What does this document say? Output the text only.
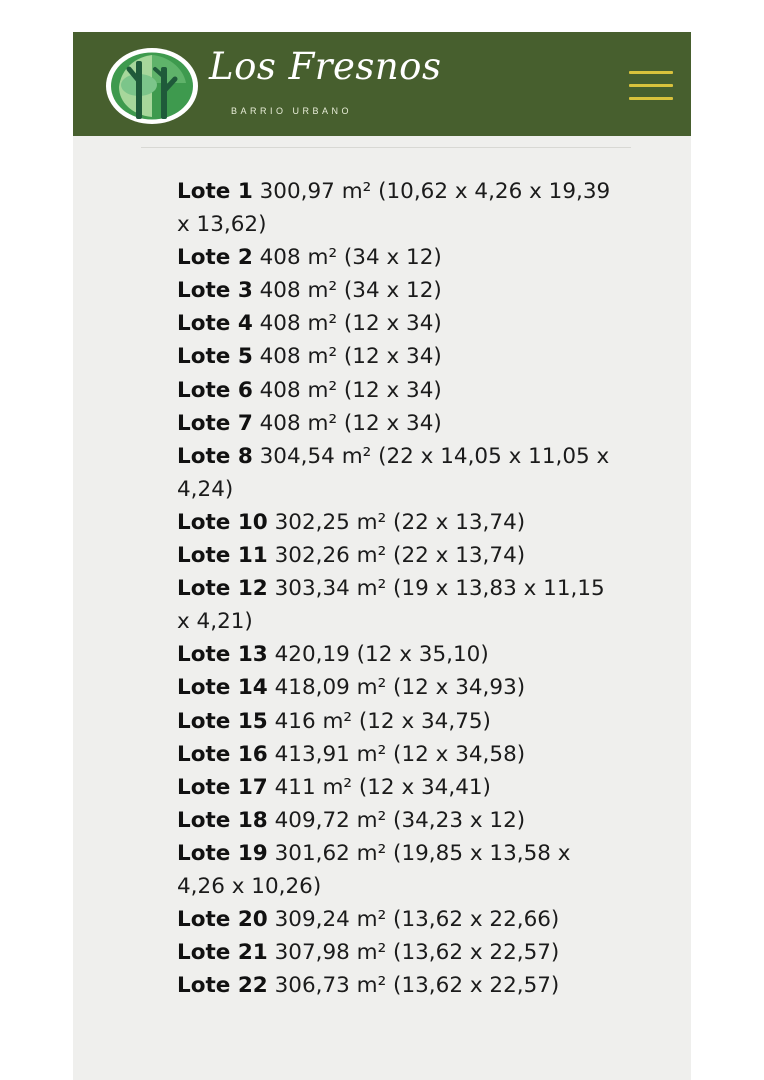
Los Fresnos
BARRIO URBANO
Lote 1 300,97 m² (10,62 x 4,26 x 19,39 x 13,62)
Lote 2 408 m² (34 x 12)
Lote 3 408 m² (34 x 12)
Lote 4 408 m² (12 x 34)
Lote 5 408 m² (12 x 34)
Lote 6 408 m² (12 x 34)
Lote 7 408 m² (12 x 34)
Lote 8 304,54 m² (22 x 14,05 x 11,05 x 4,24)
Lote 10 302,25 m² (22 x 13,74)
Lote 11 302,26 m² (22 x 13,74)
Lote 12 303,34 m² (19 x 13,83 x 11,15 x 4,21)
Lote 13 420,19 (12 x 35,10)
Lote 14 418,09 m² (12 x 34,93)
Lote 15 416 m² (12 x 34,75)
Lote 16 413,91 m² (12 x 34,58)
Lote 17 411 m² (12 x 34,41)
Lote 18 409,72 m² (34,23 x 12)
Lote 19 301,62 m² (19,85 x 13,58 x 4,26 x 10,26)
Lote 20 309,24 m² (13,62 x 22,66)
Lote 21 307,98 m² (13,62 x 22,57)
Lote 22 306,73 m² (13,62 x 22,57)
